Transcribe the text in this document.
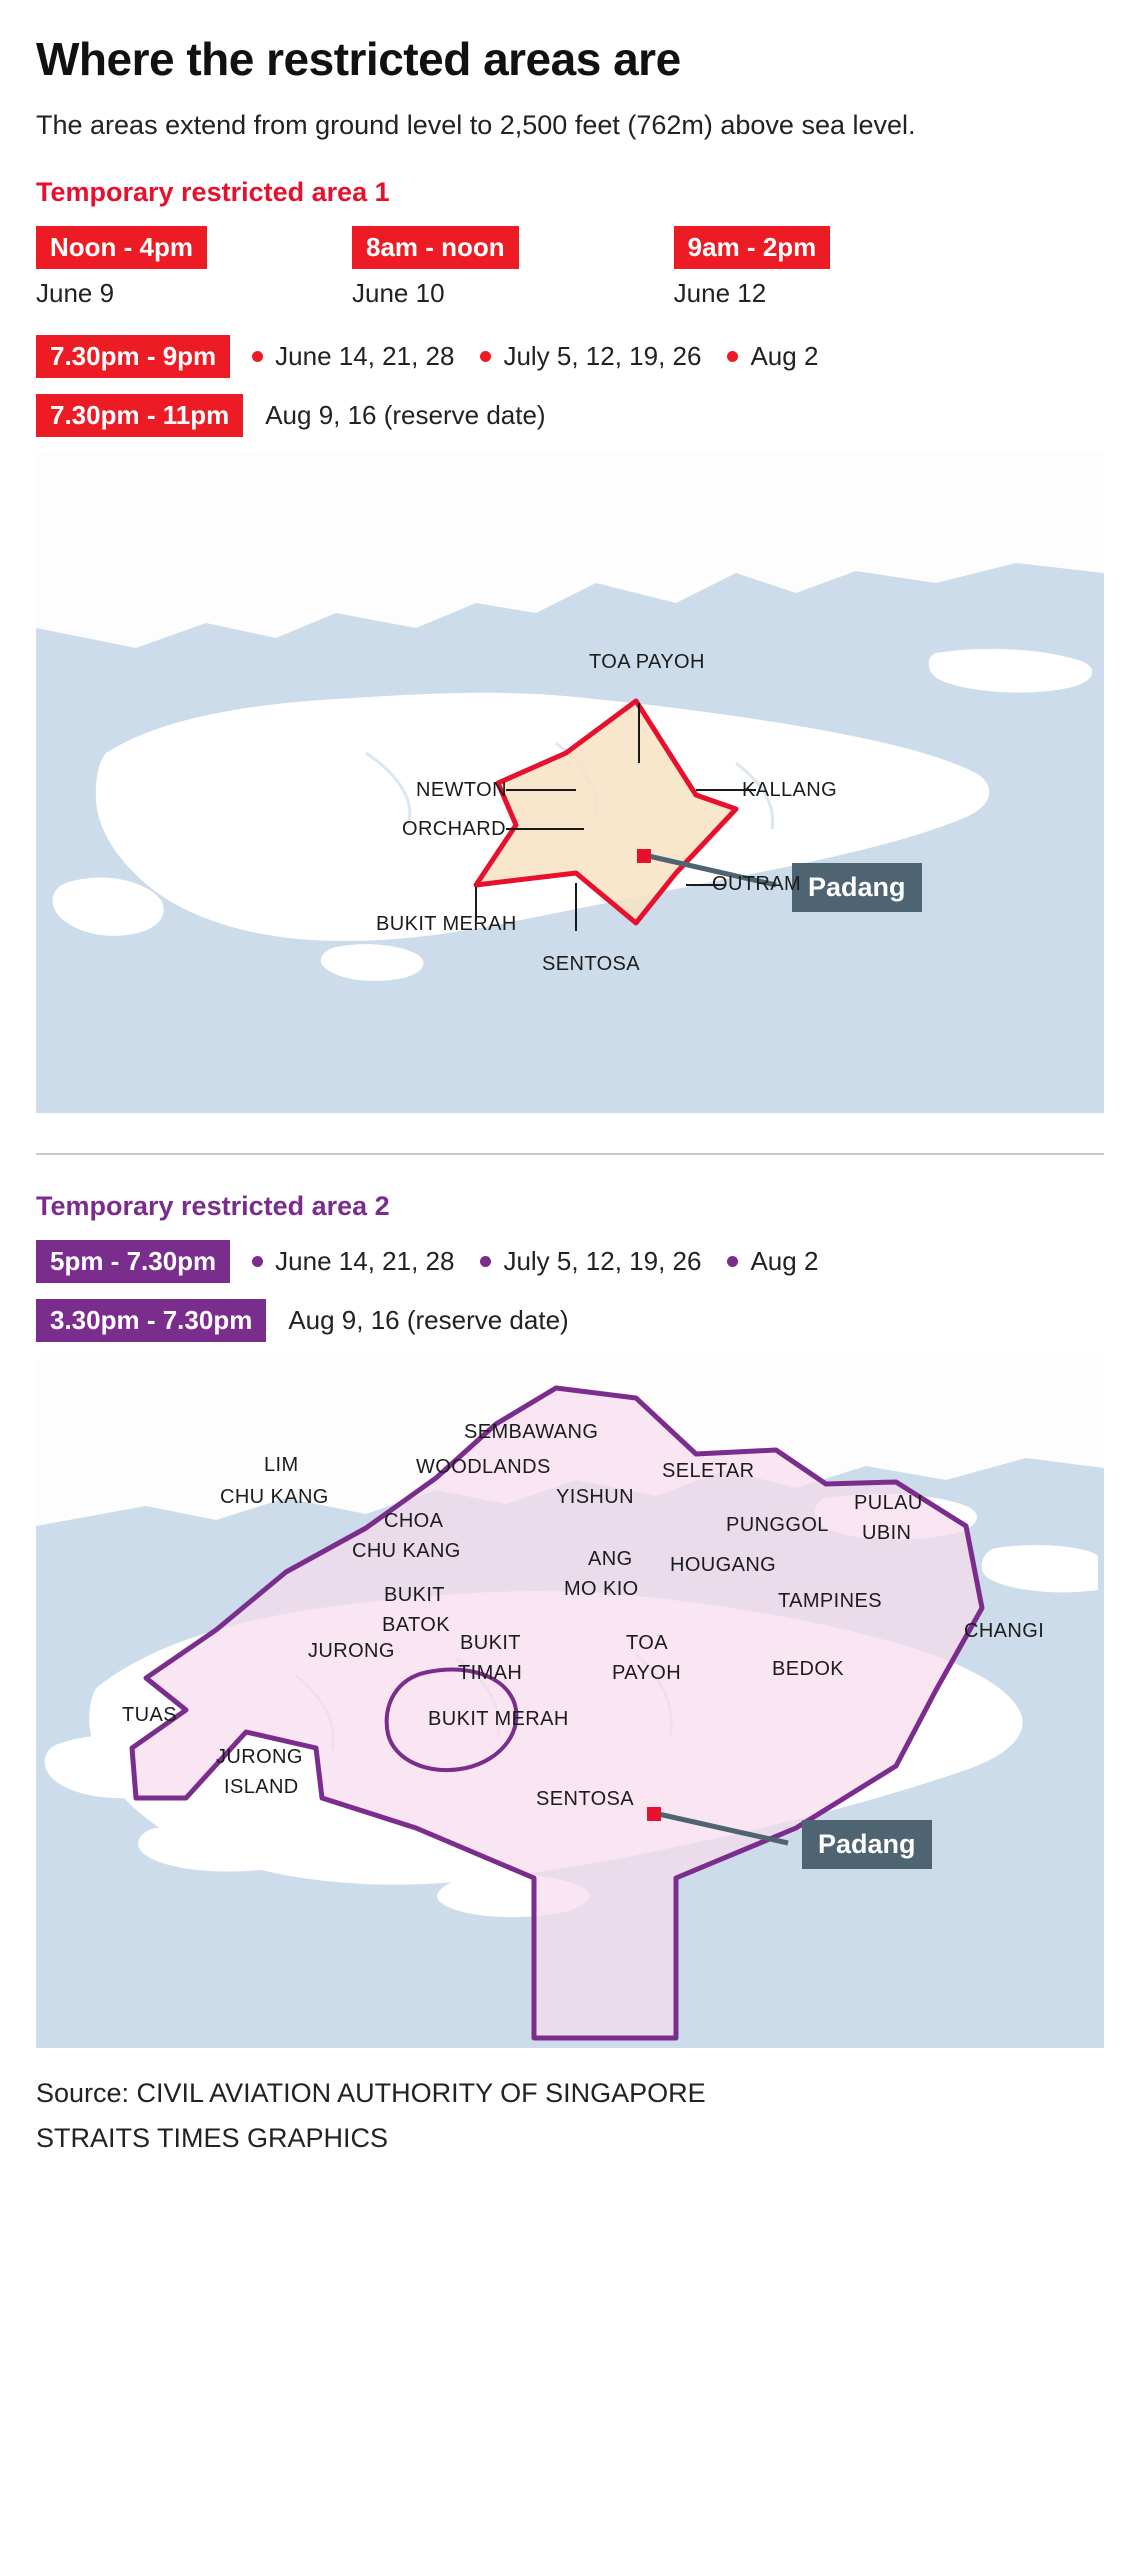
Where the restricted areas are

The areas extend from ground level to 2,500 feet (762m) above sea level.

Temporary restricted area 1
Noon - 4pm
June 9
8am - noon
June 10
9am - 2pm
June 12
7.30pm - 9pm	June 14, 21, 28 July 5, 12, 19, 26 Aug 2
7.30pm - 11pm	Aug 9, 16 (reserve date)
Padang
TOA PAYOH
NEWTON	KALLANG
ORCHARD
OUTRAM
BUKIT MERAH
SENTOSA
Temporary restricted area 2
5pm - 7.30pm	June 14, 21, 28 July 5, 12, 19, 26 Aug 2
3.30pm - 7.30pm	Aug 9, 16 (reserve date)
Padang
SEMBAWANG
WOODLANDS
LIM
CHU KANG	YISHUN
SELETAR
PUNGGOL
PULAU
UBIN
CHOA
CHU KANG	ANG
MO KIO
HOUGANG
BUKIT
BATOK
TAMPINES
JURONG	BUKIT
TIMAH
TOA
PAYOH	BEDOK
CHANGI
TUAS	BUKIT MERAH
JURONG
ISLAND
SENTOSA
Source: CIVIL AVIATION AUTHORITY OF SINGAPORE
STRAITS TIMES GRAPHICS
